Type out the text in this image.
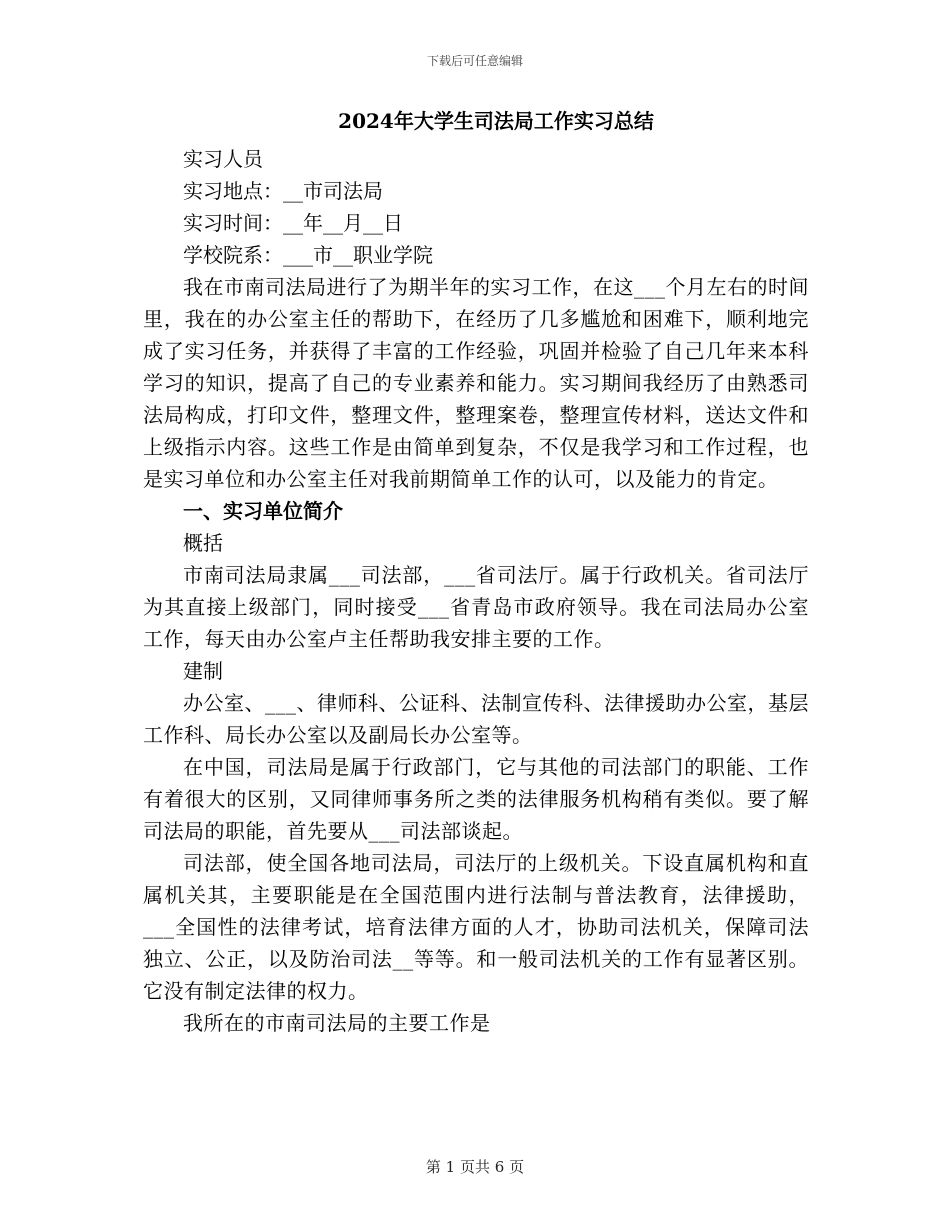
下载后可任意编辑

2024年大学生司法局工作实习总结

实习人员

实习地点：__市司法局

实习时间：__年__月__日

学校院系：___市__职业学院

我在市南司法局进行了为期半年的实习工作，在这___个月左右的时间里，我在的办公室主任的帮助下，在经历了几多尴尬和困难下，顺利地完成了实习任务，并获得了丰富的工作经验，巩固并检验了自己几年来本科学习的知识，提高了自己的专业素养和能力。实习期间我经历了由熟悉司法局构成，打印文件，整理文件，整理案卷，整理宣传材料，送达文件和上级指示内容。这些工作是由简单到复杂，不仅是我学习和工作过程，也是实习单位和办公室主任对我前期简单工作的认可，以及能力的肯定。

一、实习单位简介

概括

市南司法局隶属___司法部，___省司法厅。属于行政机关。省司法厅为其直接上级部门，同时接受___省青岛市政府领导。我在司法局办公室工作，每天由办公室卢主任帮助我安排主要的工作。

建制

办公室、___、律师科、公证科、法制宣传科、法律援助办公室，基层工作科、局长办公室以及副局长办公室等。

在中国，司法局是属于行政部门，它与其他的司法部门的职能、工作有着很大的区别，又同律师事务所之类的法律服务机构稍有类似。要了解司法局的职能，首先要从___司法部谈起。

司法部，使全国各地司法局，司法厅的上级机关。下设直属机构和直属机关其，主要职能是在全国范围内进行法制与普法教育，法律援助，___全国性的法律考试，培育法律方面的人才，协助司法机关，保障司法独立、公正，以及防治司法__等等。和一般司法机关的工作有显著区别。它没有制定法律的权力。

我所在的市南司法局的主要工作是

第 1 页共 6 页
